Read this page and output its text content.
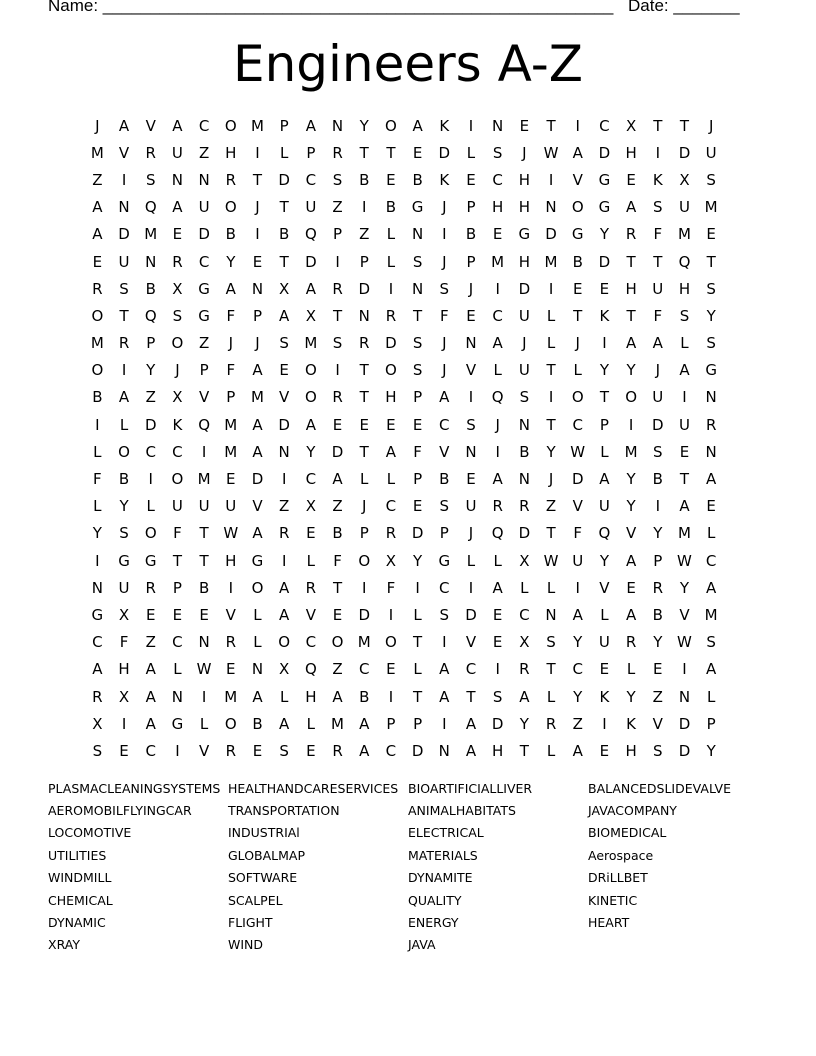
Name: ______________________________________________________ Date: _______
Engineers A-Z
J	A	V	A	C	O M	P	A	N	Y	O	A	K	I	N	E	T	I	C	X	T	T	J
M	V	R	U	Z	H	I	L	P	R	T	T	E	D	L	S	J	W A	D	H	I	D	U
Z	I	S	N	N	R	T	D	C	S	B	E	B	K	E	C	H	I	V	G	E	K	X	S
A	N	Q	A	U	O	J	T	U	Z	I	B	G	J	P	H	H	N	O G	A	S	U M
A	D M	E	D	B	I	B	Q	P	Z	L	N	I	B	E	G	D	G	Y	R	F	M	E
E	U	N	R	C	Y	E	T	D	I	P	L	S	J	P	M H M	B	D	T	T	Q	T
R	S	B	X	G	A	N	X	A	R	D	I	N	S	J	I	D	I	E	E	H	U	H	S
O	T	Q	S	G	F	P	A	X	T	N	R	T	F	E	C	U	L	T	K	T	F	S	Y
M	R	P	O	Z	J	J	S	M	S	R	D	S	J	N	A	J	L	J	I	A	A	L	S
O	I	Y	J	P	F	A	E	O	I	T	O	S	J	V	L	U	T	L	Y	Y	J	A	G
B	A	Z	X	V	P	M	V	O	R	T	H	P	A	I	Q	S	I	O	T	O	U	I	N
I	L	D	K	Q M	A	D	A	E	E	E	E	C	S	J	N	T	C	P	I	D	U	R
L	O	C	C	I	M	A	N	Y	D	T	A	F	V	N	I	B	Y W	L	M	S	E	N
F	B	I	O M	E	D	I	C	A	L	L	P	B	E	A	N	J	D	A	Y	B	T	A
L	Y	L	U	U	U	V	Z	X	Z	J	C	E	S	U	R	R	Z	V	U	Y	I	A	E
Y	S	O	F	T W A	R	E	B	P	R	D	P	J	Q	D	T	F	Q	V	Y	M	L
I	G	G	T	T	H	G	I	L	F	O	X	Y	G	L	L	X W U	Y	A	P W C
N	U	R	P	B	I	O	A	R	T	I	F	I	C	I	A	L	L	I	V	E	R	Y	A
G	X	E	E	E	V	L	A	V	E	D	I	L	S	D	E	C	N	A	L	A	B	V	M
C	F	Z	C	N	R	L	O	C	O M O	T	I	V	E	X	S	Y	U	R	Y W S
A	H	A	L	W E	N	X	Q	Z	C	E	L	A	C	I	R	T	C	E	L	E	I	A
R	X	A	N	I	M	A	L	H	A	B	I	T	A	T	S	A	L	Y	K	Y	Z	N	L
X	I	A	G	L	O	B	A	L	M	A	P	P	I	A	D	Y	R	Z	I	K	V	D	P
S	E	C	I	V	R	E	S	E	R	A	C	D	N	A	H	T	L	A	E	H	S	D	Y
PLASMACLEANINGSYSTEMS HEALTHANDCARESERVICES BIOARTIFICIALLIVER	BALANCEDSLIDEVALVE
AEROMOBILFLYINGCAR	TRANSPORTATION	ANIMALHABITATS	JAVACOMPANY
LOCOMOTIVE	INDUSTRIAl	ELECTRICAL	BIOMEDICAL
UTILITIES	GLOBALMAP	MATERIALS	Aerospace
WINDMILL	SOFTWARE	DYNAMITE	DRiLLBET
CHEMICAL	SCALPEL	QUALITY	KINETIC
DYNAMIC	FLIGHT	ENERGY	HEART
XRAY	WIND	JAVA
